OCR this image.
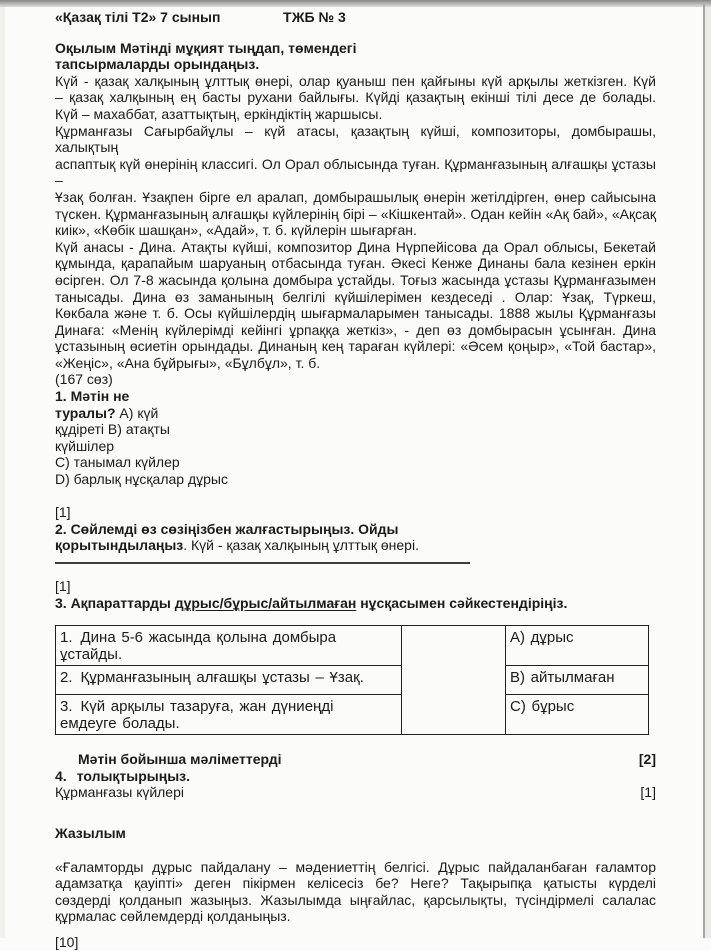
«Қазақ тілі Т2» 7 сынып	ТЖБ № 3
Оқылым Мәтінді мұқият тыңдап, төмендегі
тапсырмаларды орындаңыз.
Күй - қазақ халқының ұлттық өнері, олар қуаныш пен қайғыны күй арқылы жеткізген. Күй
– қазақ халқының ең басты рухани байлығы. Күйді қазақтың екінші тілі десе де болады.
Күй – махаббат, азаттықтың, еркіндіктің жаршысы.
Құрманғазы Сағырбайұлы – күй атасы, қазақтың күйші, композиторы, домбырашы, халықтың
аспаптық күй өнерінің классигі. Ол Орал облысында туған. Құрманғазының алғашқы ұстазы –
Ұзақ болған. Ұзақпен бірге ел аралап, домбырашылық өнерін жетілдірген, өнер сайысына
түскен. Құрманғазының алғашқы күйлерінің бірі – «Кішкентай». Одан кейін «Ақ бай», «Ақсақ
киік», «Көбік шашқан», «Адай», т. б. күйлерін шығарған.
Күй анасы - Дина. Атақты күйші, композитор Дина Нүрпейісова да Орал облысы, Бекетай
құмында, қарапайым шаруаның отбасында туған. Әкесі Кенже Динаны бала кезінен еркін
өсірген. Ол 7-8 жасында қолына домбыра ұстайды. Тоғыз жасында ұстазы Құрманғазымен
танысады. Дина өз заманының белгілі күйшілерімен кездеседі . Олар: Ұзақ, Түркеш,
Көкбала және т. б. Осы күйшілердің шығармаларымен танысады. 1888 жылы Құрманғазы
Динаға: «Менің күйлерімді кейінгі ұрпаққа жеткіз», - деп өз домбырасын ұсынған. Дина
ұстазының өсиетін орындады. Динаның кең тараған күйлері: «Әсем қоңыр», «Той бастар»,
«Жеңіс», «Ана бұйрығы», «Бұлбұл», т. б.
(167 сөз)
1. Мәтін не
туралы? А) күй
құдіреті В) атақты
күйшілер
С) танымал күйлер
D) барлық нұсқалар дұрыс
[1]
2. Сөйлемді өз сөзіңізбен жалғастырыңыз. Ойды
қорытындылаңыз. Күй - қазақ халқының ұлттық өнері.
[1]
3. Ақпараттарды дұрыс/бұрыс/айтылмаған нұсқасымен сәйкестендіріңіз.
1. Дина 5-6 жасында қолына домбыра ұстайды.		А) дұрыс
2. Құрманғазының алғашқы ұстазы – Ұзақ.		В) айтылмаған

3. Күй арқылы тазаруға, жан дүниеңді емдеуге болады.		С) бұрыс
Мәтін бойынша мәліметтерді	[2]
4. толықтырыңыз.
Құрманғазы күйлері	[1]
Жазылым
«Ғаламторды дұрыс пайдалану – мәдениеттің белгісі. Дұрыс пайдаланбаған ғаламтор
адамзатқа қауіпті» деген пікірмен келісесіз бе? Неге? Тақырыпқа қатысты күрделі
сөздерді қолданып жазыңыз. Жазылымда ыңғайлас, қарсылықты, түсіндірмелі салалас
құрмалас сөйлемдерді қолданыңыз.
[10]
